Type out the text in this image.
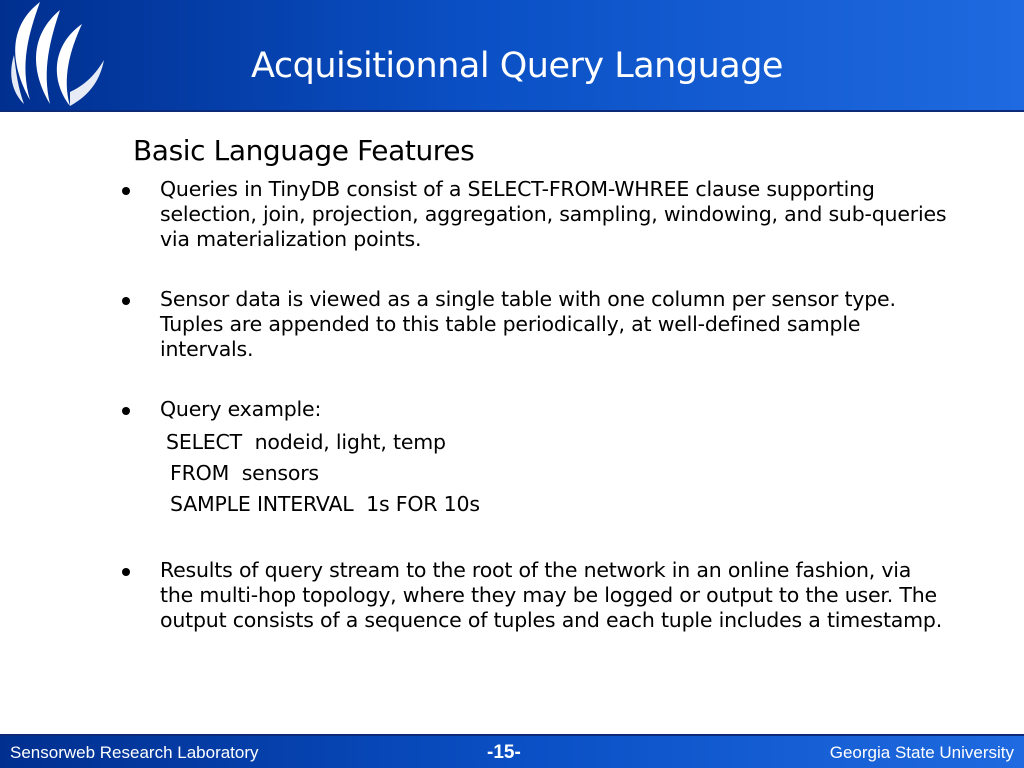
Acquisitionnal Query Language
Basic Language Features
Queries in TinyDB consist of a SELECT-FROM-WHREE clause supporting selection, join, projection, aggregation, sampling, windowing, and sub-queries via materialization points.
Sensor data is viewed as a single table with one column per sensor type. Tuples are appended to this table periodically, at well-defined sample intervals.
Query example:
SELECT  nodeid, light, temp
FROM  sensors
SAMPLE INTERVAL  1s FOR 10s
Results of query stream to the root of the network in an online fashion, via the multi-hop topology, where they may be logged or output to the user. The output consists of a sequence of tuples and each tuple includes a timestamp.
Sensorweb Research Laboratory	-15-	Georgia State University
